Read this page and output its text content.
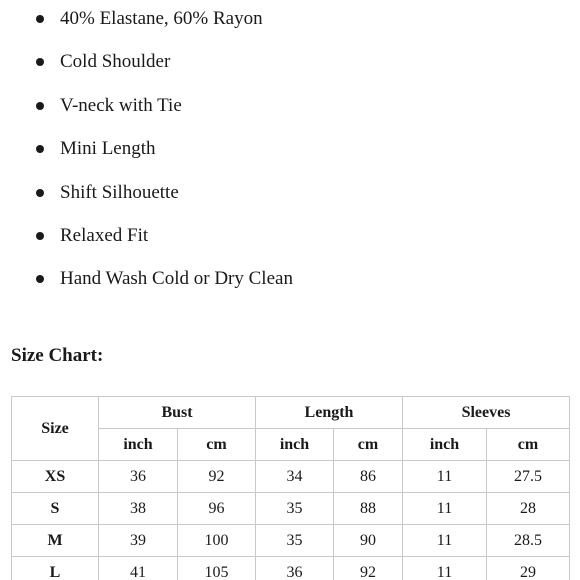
40% Elastane, 60% Rayon
Cold Shoulder
V-neck with Tie
Mini Length
Shift Silhouette
Relaxed Fit
Hand Wash Cold or Dry Clean
Size Chart:
Size	Bust		Length		Sleeves	
	inch	cm	inch	cm	inch	cm
XS	36	92	34	86	11	27.5
S	38	96	35	88	11	28
M	39	100	35	90	11	28.5
L	41	105	36	92	11	29
